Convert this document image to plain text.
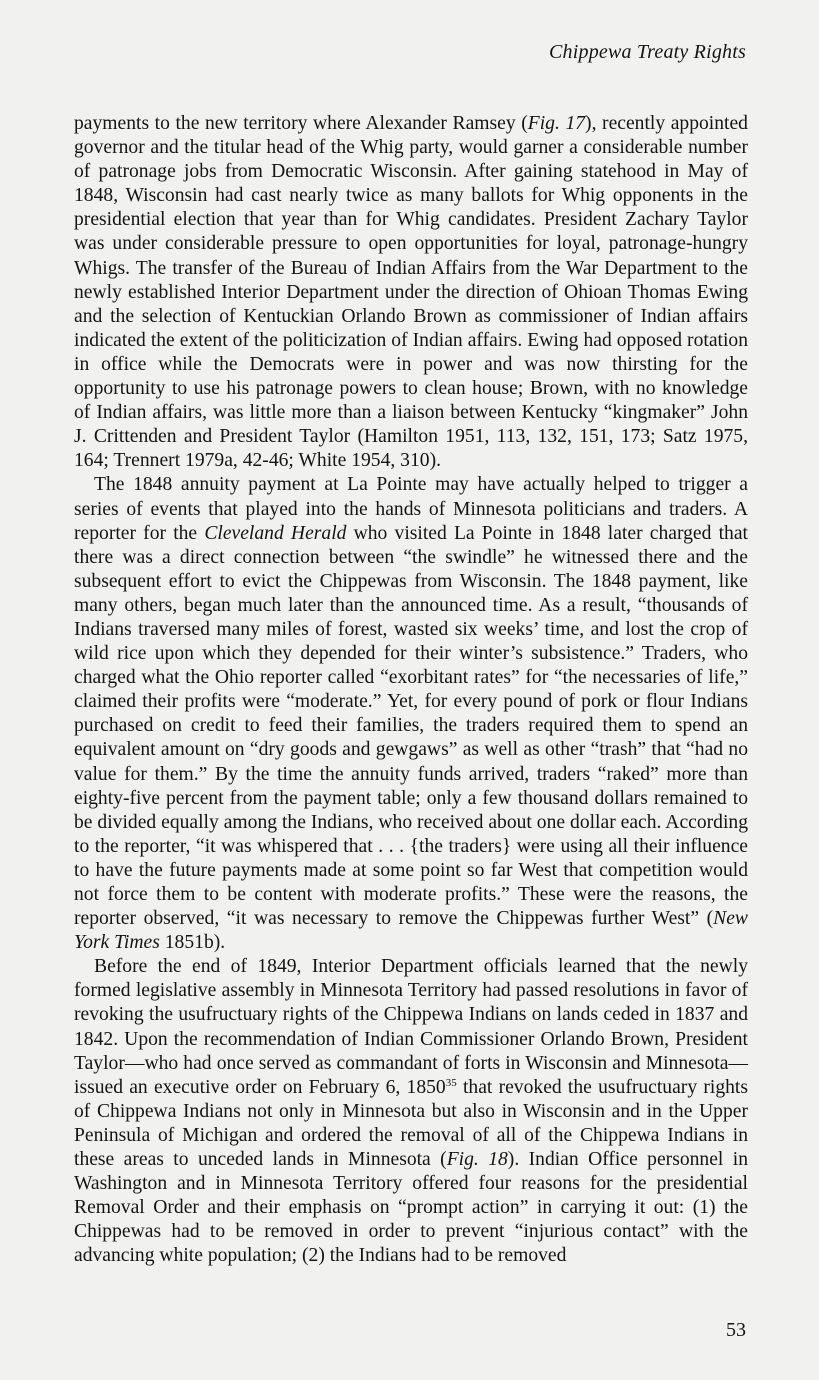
Chippewa Treaty Rights

payments to the new territory where Alexander Ramsey (Fig. 17), recently appointed governor and the titular head of the Whig party, would garner a considerable number of patronage jobs from Democratic Wisconsin. After gaining statehood in May of 1848, Wisconsin had cast nearly twice as many ballots for Whig opponents in the presidential election that year than for Whig candidates. President Zachary Taylor was under considerable pressure to open opportunities for loyal, patronage-hungry Whigs. The transfer of the Bureau of Indian Affairs from the War Department to the newly established Interior Department under the direction of Ohioan Thomas Ewing and the selection of Kentuckian Orlando Brown as commissioner of Indian affairs indicated the extent of the politicization of Indian affairs. Ewing had opposed rotation in office while the Democrats were in power and was now thirsting for the opportunity to use his patronage powers to clean house; Brown, with no knowledge of Indian affairs, was little more than a liaison between Kentucky “kingmaker” John J. Crittenden and President Taylor (Hamilton 1951, 113, 132, 151, 173; Satz 1975, 164; Trennert 1979a, 42-46; White 1954, 310).

The 1848 annuity payment at La Pointe may have actually helped to trigger a series of events that played into the hands of Minnesota politicians and traders. A reporter for the Cleveland Herald who visited La Pointe in 1848 later charged that there was a direct connection between “the swindle” he witnessed there and the subsequent effort to evict the Chippewas from Wisconsin. The 1848 payment, like many others, began much later than the announced time. As a result, “thousands of Indians traversed many miles of forest, wasted six weeks’ time, and lost the crop of wild rice upon which they depended for their winter’s subsistence.” Traders, who charged what the Ohio reporter called “exorbitant rates” for “the necessaries of life,” claimed their profits were “moderate.” Yet, for every pound of pork or flour Indians purchased on credit to feed their families, the traders required them to spend an equivalent amount on “dry goods and gewgaws” as well as other “trash” that “had no value for them.” By the time the annuity funds arrived, traders “raked” more than eighty-five percent from the payment table; only a few thousand dollars remained to be divided equally among the Indians, who received about one dollar each. According to the reporter, “it was whispered that . . . {the traders} were using all their influence to have the future payments made at some point so far West that competition would not force them to be content with moderate profits.” These were the reasons, the reporter observed, “it was necessary to remove the Chippewas further West” (New York Times 1851b).

Before the end of 1849, Interior Department officials learned that the newly formed legislative assembly in Minnesota Territory had passed resolutions in favor of revoking the usufructuary rights of the Chippewa Indians on lands ceded in 1837 and 1842. Upon the recommendation of Indian Commissioner Orlando Brown, President Taylor—who had once served as commandant of forts in Wisconsin and Minnesota—issued an executive order on February 6, 1850$^{35}$ that revoked the usufructuary rights of Chippewa Indians not only in Minnesota but also in Wisconsin and in the Upper Peninsula of Michigan and ordered the removal of all of the Chippewa Indians in these areas to unceded lands in Minnesota (Fig. 18). Indian Office personnel in Washington and in Minnesota Territory offered four reasons for the presidential Removal Order and their emphasis on “prompt action” in carrying it out: (1) the Chippewas had to be removed in order to prevent “injurious contact” with the advancing white population; (2) the Indians had to be removed

53
